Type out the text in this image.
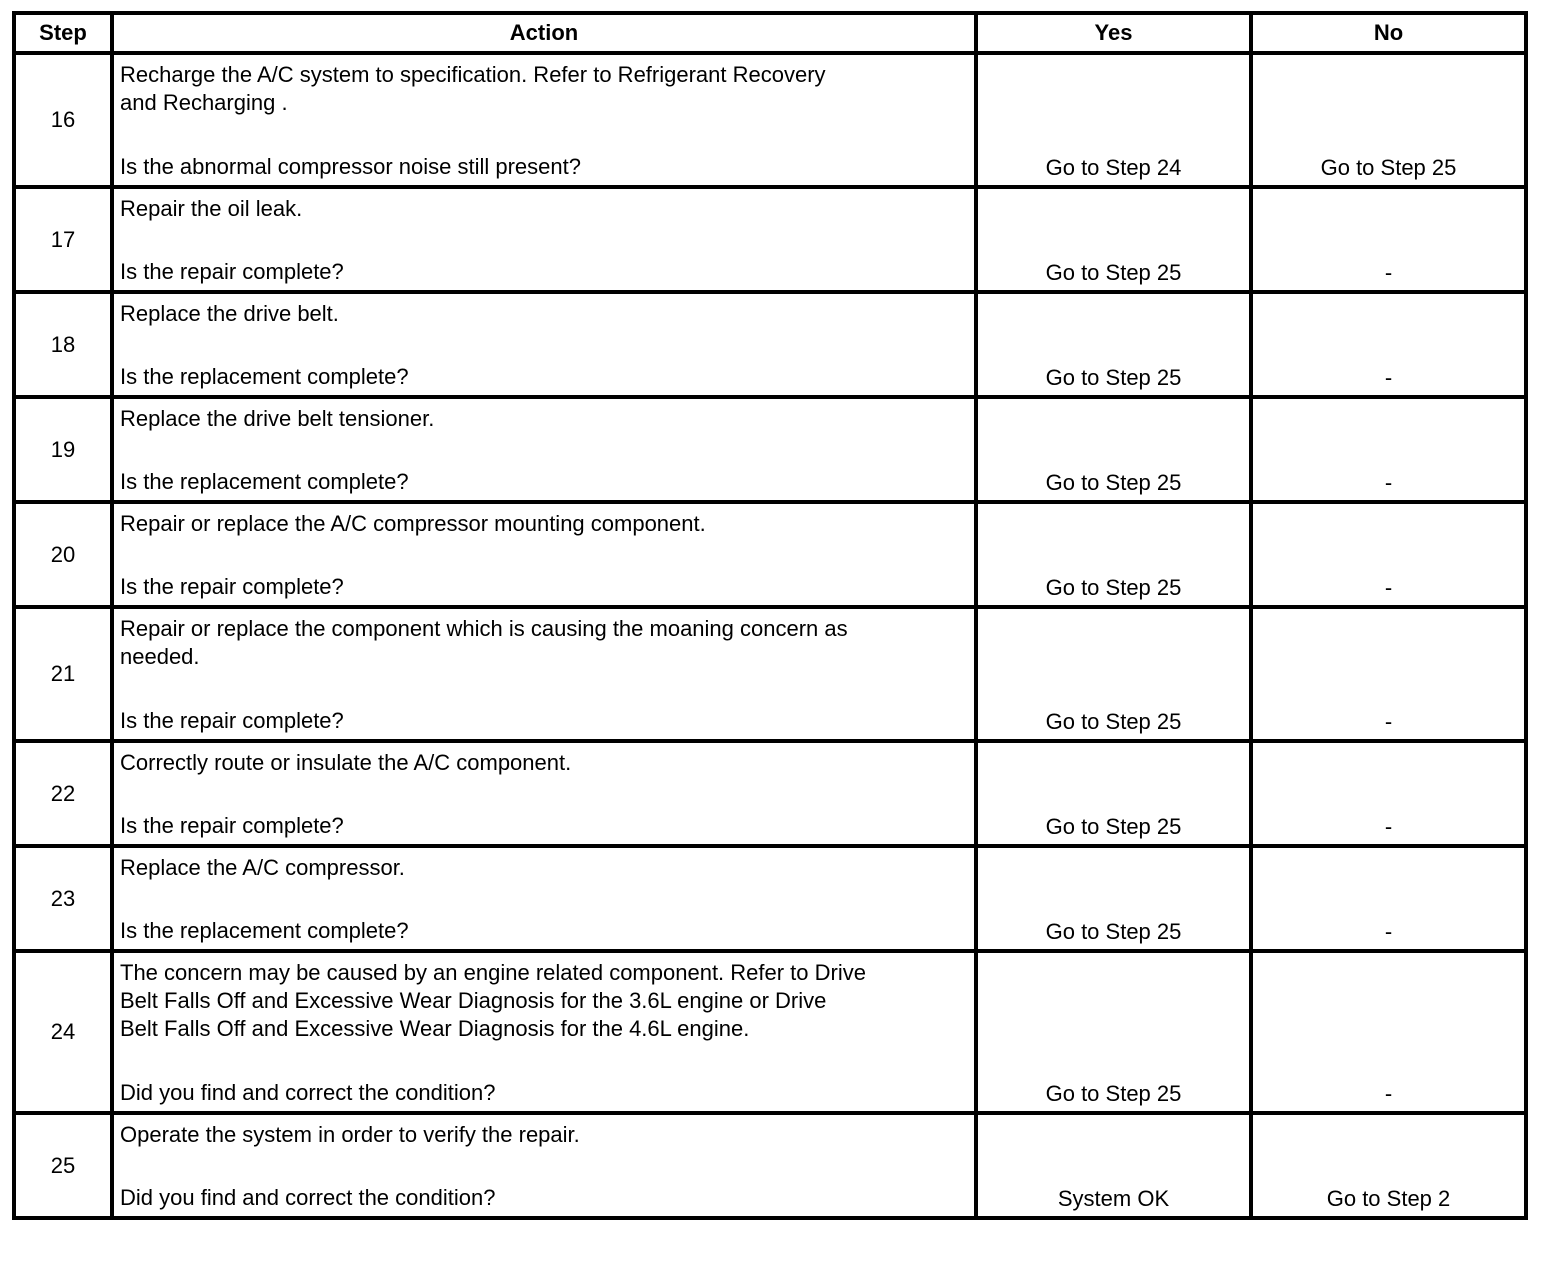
Step	Action	Yes	No
16	Recharge the A/C system to specification. Refer to Refrigerant Recovery
and Recharging .
Is the abnormal compressor noise still present?	Go to Step 24	Go to Step 25
17	Repair the oil leak.
Is the repair complete?	Go to Step 25	-
18	Replace the drive belt.
Is the replacement complete?	Go to Step 25	-
19	Replace the drive belt tensioner.
Is the replacement complete?	Go to Step 25	-
20	Repair or replace the A/C compressor mounting component.
Is the repair complete?	Go to Step 25	-
21	Repair or replace the component which is causing the moaning concern as
needed.
Is the repair complete?	Go to Step 25	-
22	Correctly route or insulate the A/C component.
Is the repair complete?	Go to Step 25	-
23	Replace the A/C compressor.
Is the replacement complete?	Go to Step 25	-
24	The concern may be caused by an engine related component. Refer to Drive
Belt Falls Off and Excessive Wear Diagnosis for the 3.6L engine or Drive
Belt Falls Off and Excessive Wear Diagnosis for the 4.6L engine.
Did you find and correct the condition?	Go to Step 25	-
25	Operate the system in order to verify the repair.
Did you find and correct the condition?	System OK	Go to Step 2
